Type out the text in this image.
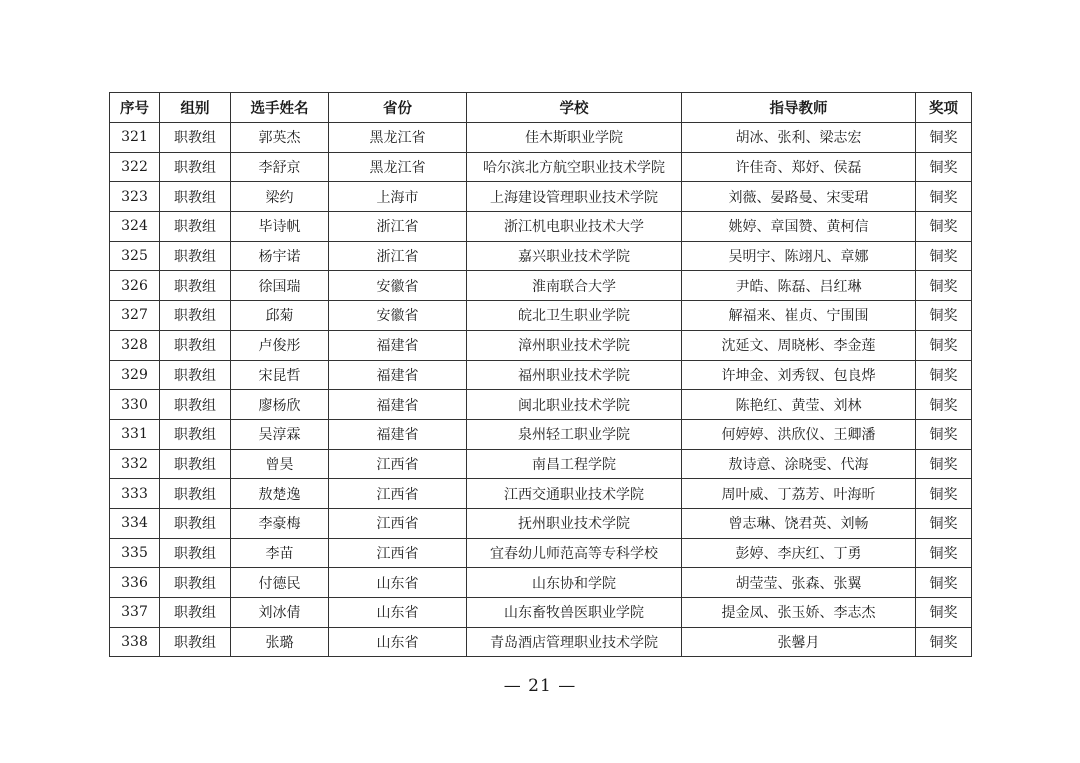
序号	组别	选手姓名	省份	学校	指导教师	奖项
321	职教组	郭英杰	黑龙江省	佳木斯职业学院	胡冰、张利、梁志宏	铜奖
322	职教组	李舒京	黑龙江省	哈尔滨北方航空职业技术学院	许佳奇、郑妤、侯磊	铜奖
323	职教组	梁约	上海市	上海建设管理职业技术学院	刘薇、晏路曼、宋雯珺	铜奖
324	职教组	毕诗帆	浙江省	浙江机电职业技术大学	姚婷、章国赞、黄柯信	铜奖
325	职教组	杨宇诺	浙江省	嘉兴职业技术学院	吴明宇、陈翊凡、章娜	铜奖
326	职教组	徐国瑞	安徽省	淮南联合大学	尹皓、陈磊、吕红琳	铜奖
327	职教组	邱菊	安徽省	皖北卫生职业学院	解福来、崔贞、宁围围	铜奖
328	职教组	卢俊彤	福建省	漳州职业技术学院	沈延文、周晓彬、李金莲	铜奖
329	职教组	宋昆哲	福建省	福州职业技术学院	许坤金、刘秀钗、包良烨	铜奖
330	职教组	廖杨欣	福建省	闽北职业技术学院	陈艳红、黄莹、刘林	铜奖
331	职教组	吴淳霖	福建省	泉州轻工职业学院	何婷婷、洪欣仪、王卿潘	铜奖
332	职教组	曾昊	江西省	南昌工程学院	敖诗意、涂晓雯、代海	铜奖
333	职教组	敖楚逸	江西省	江西交通职业技术学院	周叶威、丁荔芳、叶海昕	铜奖
334	职教组	李豪梅	江西省	抚州职业技术学院	曾志琳、饶君英、刘畅	铜奖
335	职教组	李苗	江西省	宜春幼儿师范高等专科学校	彭婷、李庆红、丁勇	铜奖
336	职教组	付德民	山东省	山东协和学院	胡莹莹、张森、张翼	铜奖
337	职教组	刘冰倩	山东省	山东畜牧兽医职业学院	提金凤、张玉娇、李志杰	铜奖
338	职教组	张璐	山东省	青岛酒店管理职业技术学院	张馨月	铜奖
— 21 —
